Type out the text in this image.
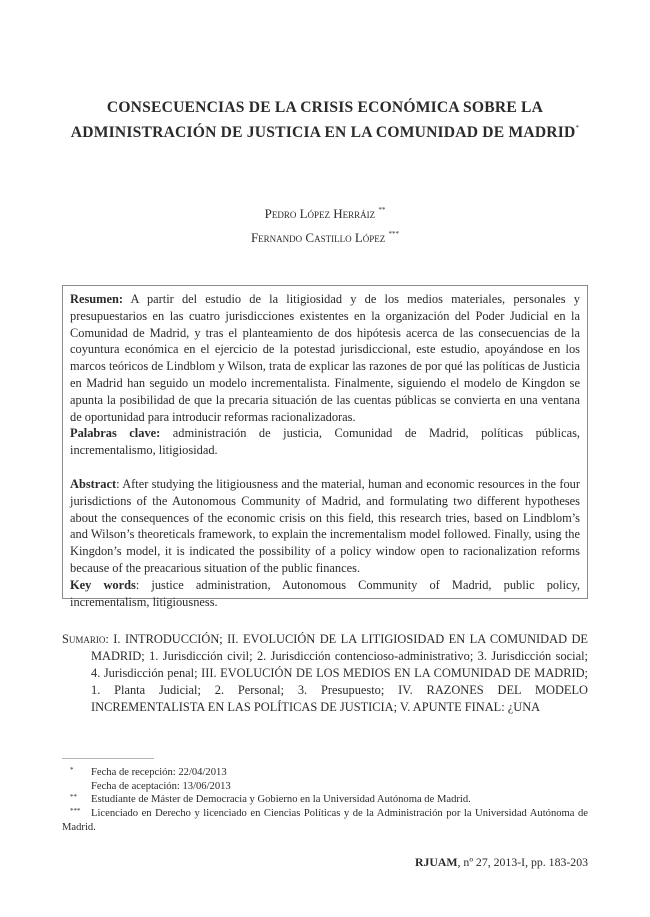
CONSECUENCIAS DE LA CRISIS ECONÓMICA SOBRE LA
ADMINISTRACIÓN DE JUSTICIA EN LA COMUNIDAD DE MADRID*
Pedro López Herráiz **
Fernando Castillo López ***

Resumen: A partir del estudio de la litigiosidad y de los medios materiales, personales y presupuestarios en las cuatro jurisdicciones existentes en la organización del Poder Judicial en la Comunidad de Madrid, y tras el planteamiento de dos hipótesis acerca de las consecuencias de la coyuntura económica en el ejercicio de la potestad jurisdiccional, este estudio, apoyándose en los marcos teóricos de Lindblom y Wilson, trata de explicar las razones de por qué las políticas de Justicia en Madrid han seguido un modelo incrementalista. Finalmente, siguiendo el modelo de Kingdon se apunta la posibilidad de que la precaria situación de las cuentas públicas se convierta en una ventana de oportunidad para introducir reformas racionalizadoras.

Palabras clave: administración de justicia, Comunidad de Madrid, políticas públicas, incrementalismo, litigiosidad.

Abstract: After studying the litigiousness and the material, human and economic resources in the four jurisdictions of the Autonomous Community of Madrid, and formulating two different hypotheses about the consequences of the economic crisis on this field, this research tries, based on Lindblom’s and Wilson’s theoreticals framework, to explain the incrementalism model followed. Finally, using the Kingdon’s model, it is indicated the possibility of a policy window open to racionalization reforms because of the preacarious situation of the public finances.

Key words: justice administration, Autonomous Community of Madrid, public policy, incrementalism, litigiousness.

Sumario: I. INTRODUCCIÓN; II. EVOLUCIÓN DE LA LITIGIOSIDAD EN LA COMUNIDAD DE MADRID; 1. Jurisdicción civil; 2. Jurisdicción contencioso-administrativo; 3. Jurisdicción social; 4. Jurisdicción penal; III. EVOLUCIÓN DE LOS MEDIOS EN LA COMUNIDAD DE MADRID; 1. Planta Judicial; 2. Personal; 3. Presupuesto; IV. RAZONES DEL MODELO INCREMENTALISTA EN LAS POLÍTICAS DE JUSTICIA; V. APUNTE FINAL: ¿UNA
*	Fecha de recepción: 22/04/2013
Fecha de aceptación: 13/06/2013
**	Estudiante de Máster de Democracia y Gobierno en la Universidad Autónoma de Madrid.
*** Licenciado en Derecho y licenciado en Ciencias Políticas y de la Administración por la Universidad Autónoma de Madrid.
RJUAM, nº 27, 2013-I, pp. 183-203
